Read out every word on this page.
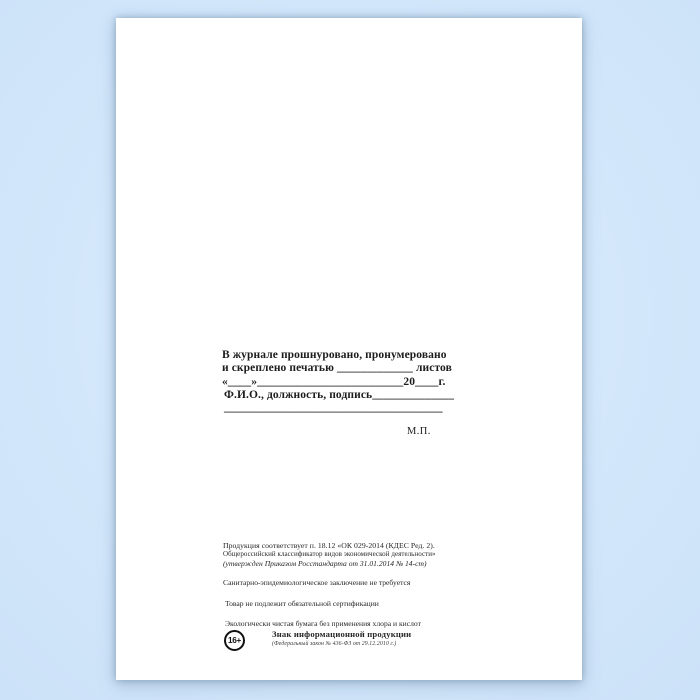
В журнале прошнуровано, пронумеровано
и скреплено печатью _____________ листов
«____»_________________________20____г.
Ф.И.О., должность, подпись______________
______________________________________
М.П.
Продукция соответствует п. 18.12 «ОК 029-2014 (КДЕС Ред. 2).
Общероссийский классификатор видов экономической деятельности»
(утвержден Приказом Росстандарта от 31.01.2014 № 14-ст)
Санитарно-эпидемиологическое заключение не требуется
Товар не подлежит обязательной сертификации
Экологически чистая бумага без применения хлора и кислот
16+
Знак информационной продукции
(Федеральный закон № 436-ФЗ от 29.12.2010 г.)
